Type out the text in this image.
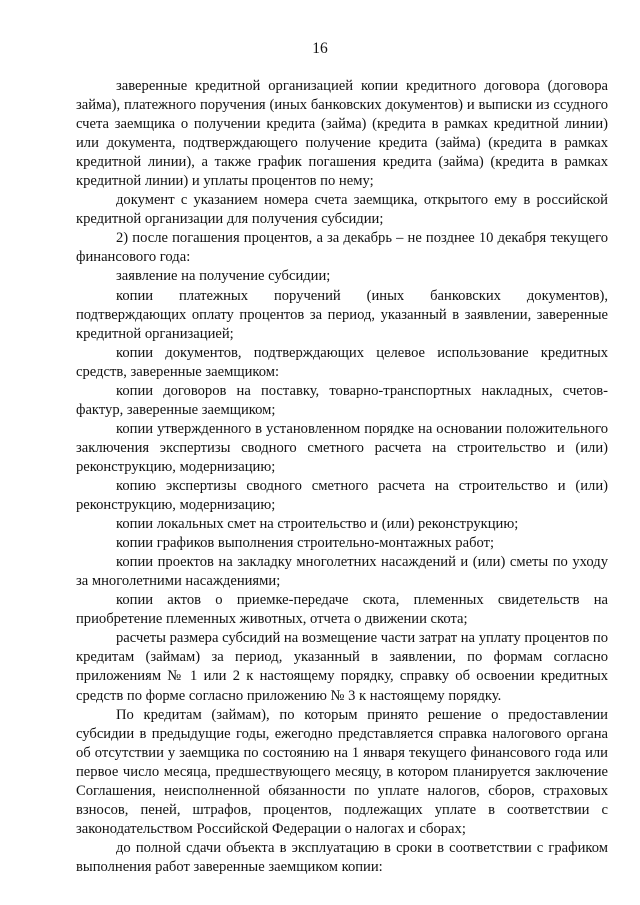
16

заверенные кредитной организацией копии кредитного договора (договора займа), платежного поручения (иных банковских документов) и выписки из ссудного счета заемщика о получении кредита (займа) (кредита в рамках кредитной линии) или документа, подтверждающего получение кредита (займа) (кредита в рамках кредитной линии), а также график погашения кредита (займа) (кредита в рамках кредитной линии) и уплаты процентов по нему;

документ с указанием номера счета заемщика, открытого ему в российской кредитной организации для получения субсидии;

2) после погашения процентов, а за декабрь – не позднее 10 декабря текущего финансового года:

заявление на получение субсидии;

копии платежных поручений (иных банковских документов), подтверждающих оплату процентов за период, указанный в заявлении, заверенные кредитной организацией;

копии документов, подтверждающих целевое использование кредитных средств, заверенные заемщиком:

копии договоров на поставку, товарно-транспортных накладных, счетов-фактур, заверенные заемщиком;

копии утвержденного в установленном порядке на основании положительного заключения экспертизы сводного сметного расчета на строительство и (или) реконструкцию, модернизацию;

копию экспертизы сводного сметного расчета на строительство и (или) реконструкцию, модернизацию;

копии локальных смет на строительство и (или) реконструкцию;

копии графиков выполнения строительно-монтажных работ;

копии проектов на закладку многолетних насаждений и (или) сметы по уходу за многолетними насаждениями;

копии актов о приемке-передаче скота, племенных свидетельств на приобретение племенных животных, отчета о движении скота;

расчеты размера субсидий на возмещение части затрат на уплату процентов по кредитам (займам) за период, указанный в заявлении, по формам согласно приложениям № 1 или 2 к настоящему порядку, справку об освоении кредитных средств по форме согласно приложению № 3 к настоящему порядку.

По кредитам (займам), по которым принято решение о предоставлении субсидии в предыдущие годы, ежегодно представляется справка налогового органа об отсутствии у заемщика по состоянию на 1 января текущего финансового года или первое число месяца, предшествующего месяцу, в котором планируется заключение Соглашения, неисполненной обязанности по уплате налогов, сборов, страховых взносов, пеней, штрафов, процентов, подлежащих уплате в соответствии с законодательством Российской Федерации о налогах и сборах;

до полной сдачи объекта в эксплуатацию в сроки в соответствии с графиком выполнения работ заверенные заемщиком копии:
